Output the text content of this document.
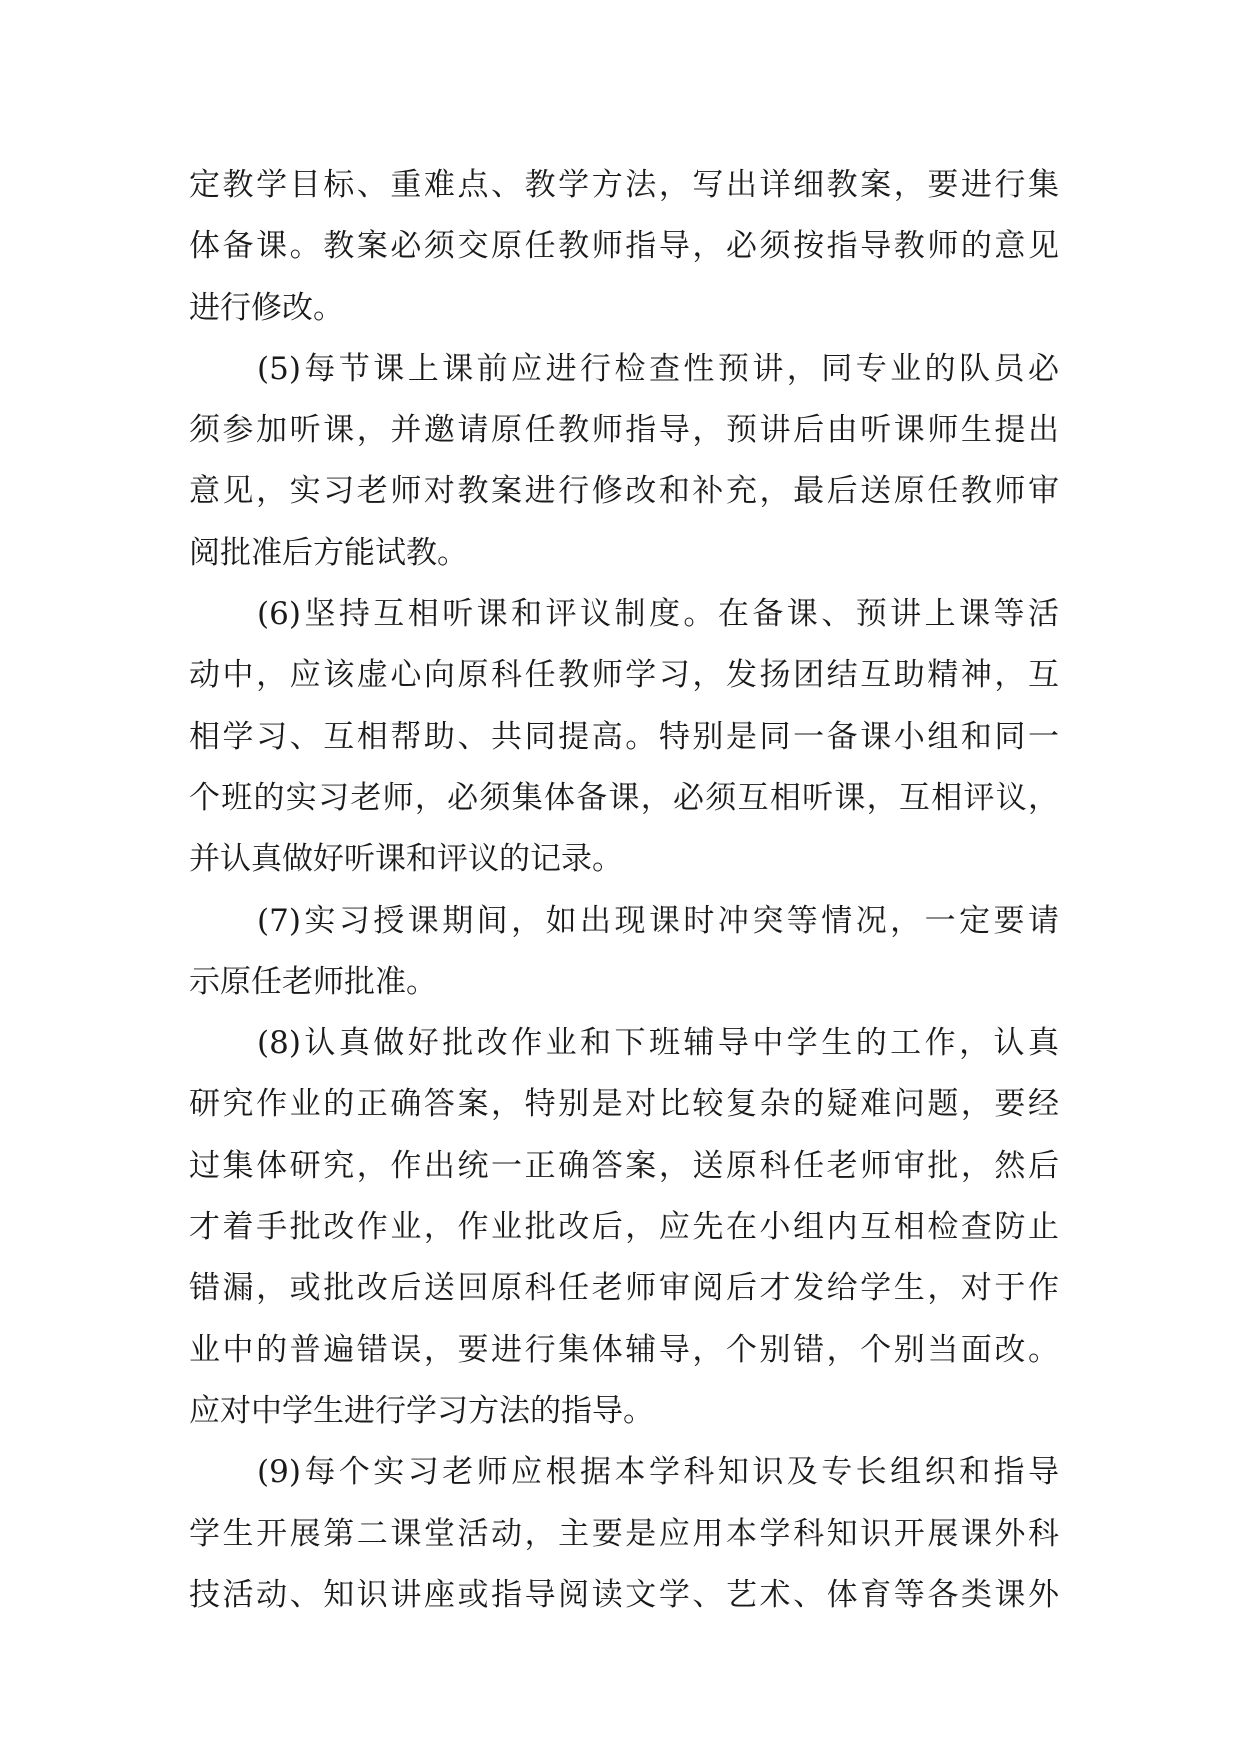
定教学目标、重难点、教学方法，写出详细教案，要进行集
体备课。教案必须交原任教师指导，必须按指导教师的意见
进行修改。
(5)每节课上课前应进行检查性预讲，同专业的队员必
须参加听课，并邀请原任教师指导，预讲后由听课师生提出
意见，实习老师对教案进行修改和补充，最后送原任教师审
阅批准后方能试教。
(6)坚持互相听课和评议制度。在备课、预讲上课等活
动中，应该虚心向原科任教师学习，发扬团结互助精神，互
相学习、互相帮助、共同提高。特别是同一备课小组和同一
个班的实习老师，必须集体备课，必须互相听课，互相评议，
并认真做好听课和评议的记录。
(7)实习授课期间，如出现课时冲突等情况，一定要请
示原任老师批准。
(8)认真做好批改作业和下班辅导中学生的工作，认真
研究作业的正确答案，特别是对比较复杂的疑难问题，要经
过集体研究，作出统一正确答案，送原科任老师审批，然后
才着手批改作业，作业批改后，应先在小组内互相检查防止
错漏，或批改后送回原科任老师审阅后才发给学生，对于作
业中的普遍错误，要进行集体辅导，个别错，个别当面改。
应对中学生进行学习方法的指导。
(9)每个实习老师应根据本学科知识及专长组织和指导
学生开展第二课堂活动，主要是应用本学科知识开展课外科
技活动、知识讲座或指导阅读文学、艺术、体育等各类课外
